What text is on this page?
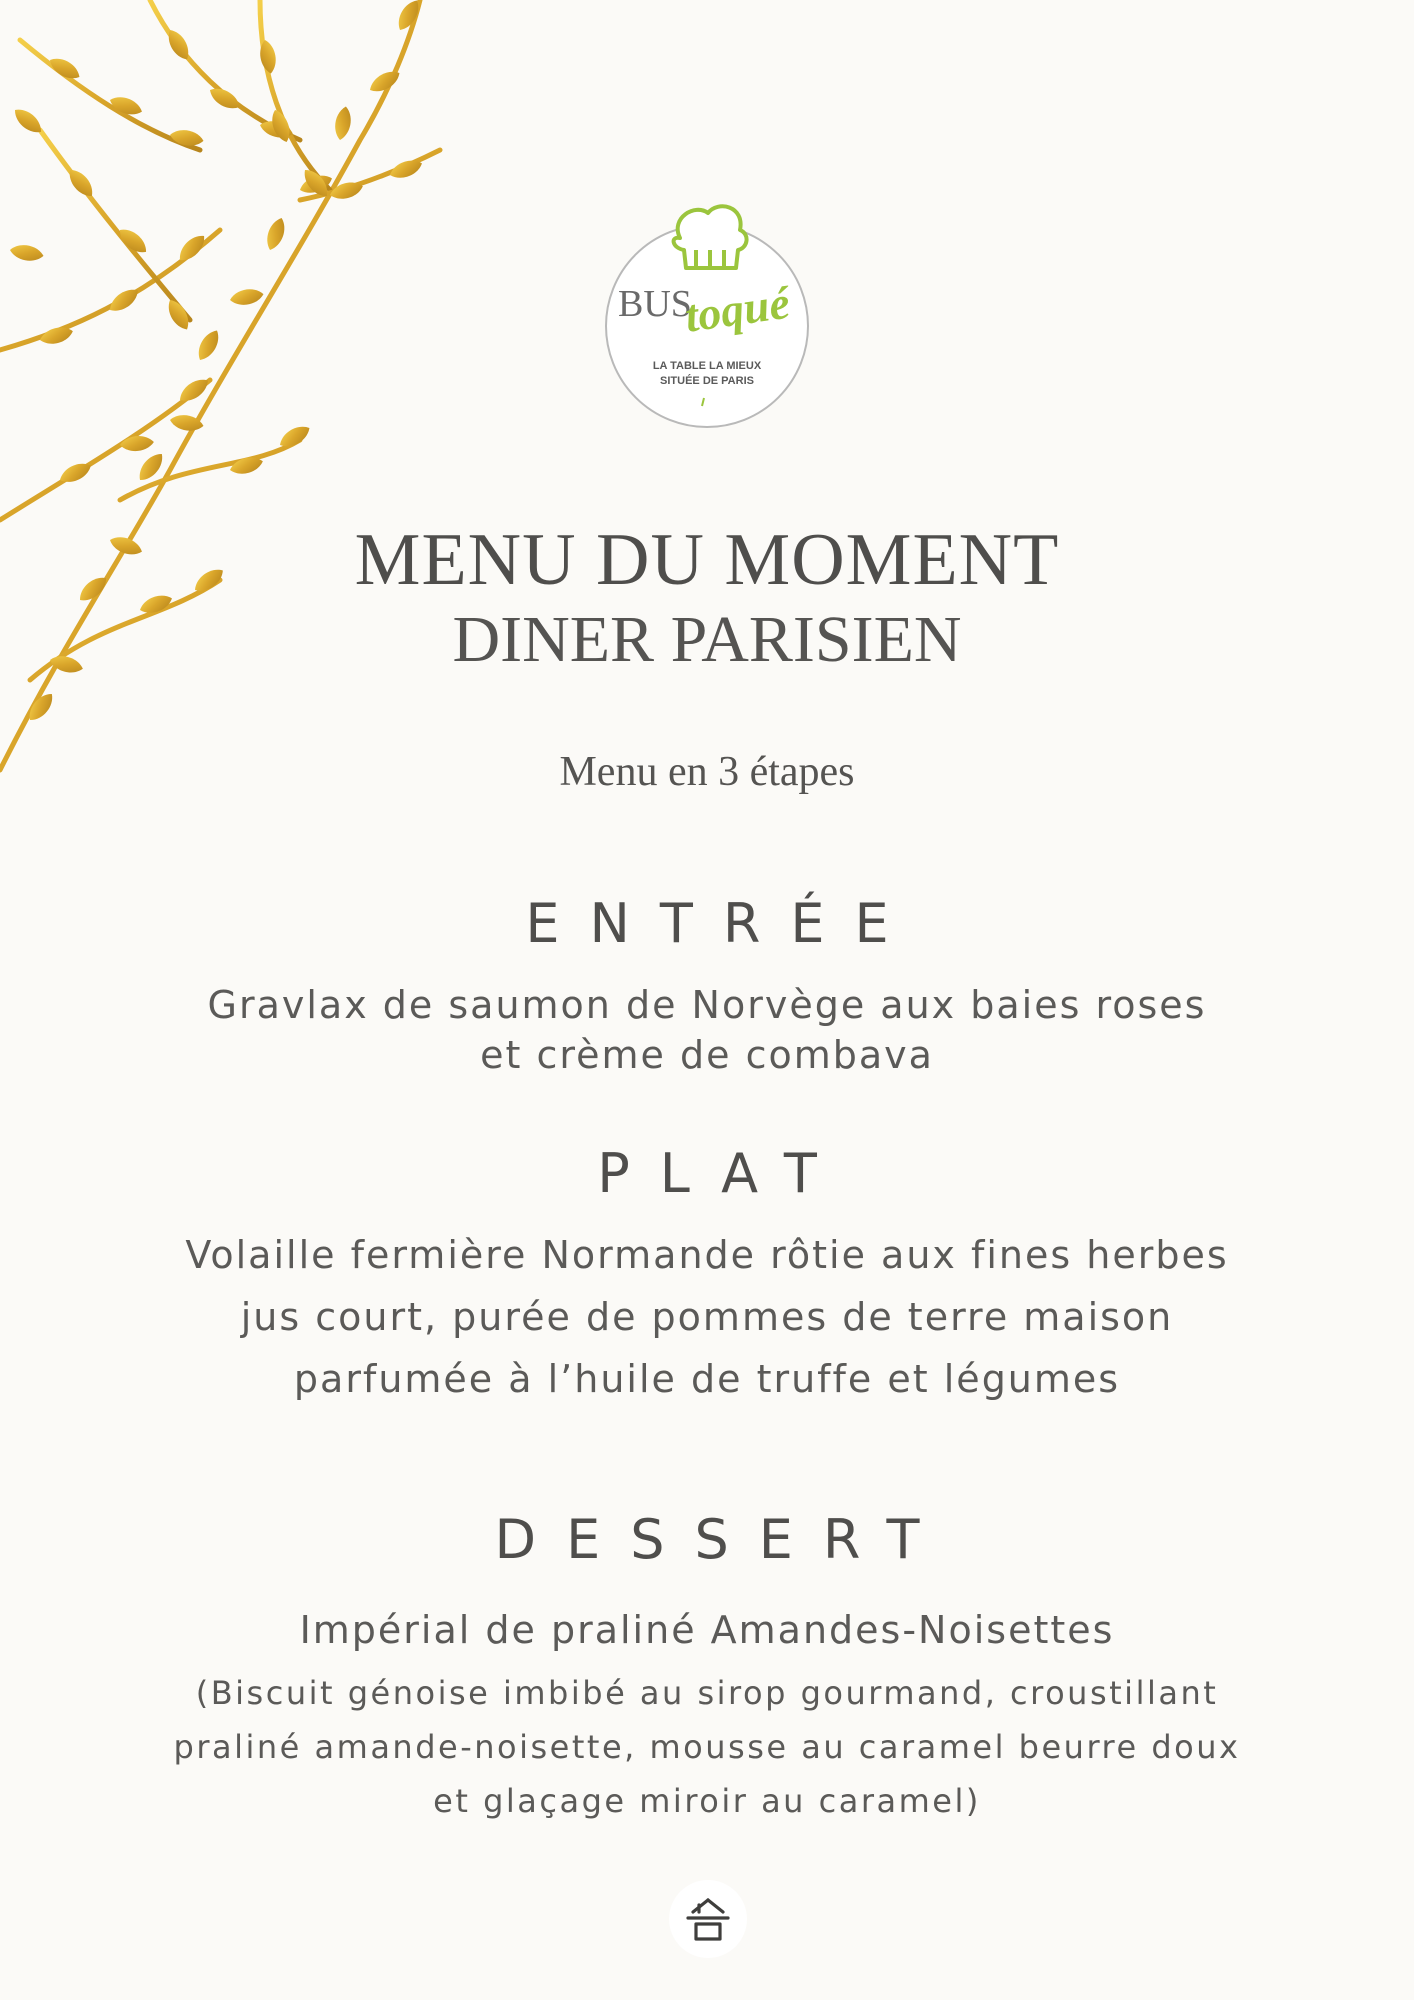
BUS
toqué
LA TABLE LA MIEUX
SITUÉE DE PARIS
MENU DU MOMENT
DINER PARISIEN
Menu en 3 étapes
ENTRÉE
Gravlax de saumon de Norvège aux baies roses
et crème de combava
PLAT
Volaille fermière Normande rôtie aux fines herbes
jus court, purée de pommes de terre maison
parfumée à l’huile de truffe et légumes
DESSERT
Impérial de praliné Amandes-Noisettes
(Biscuit génoise imbibé au sirop gourmand, croustillant
praliné amande-noisette, mousse au caramel beurre doux
et glaçage miroir au caramel)
